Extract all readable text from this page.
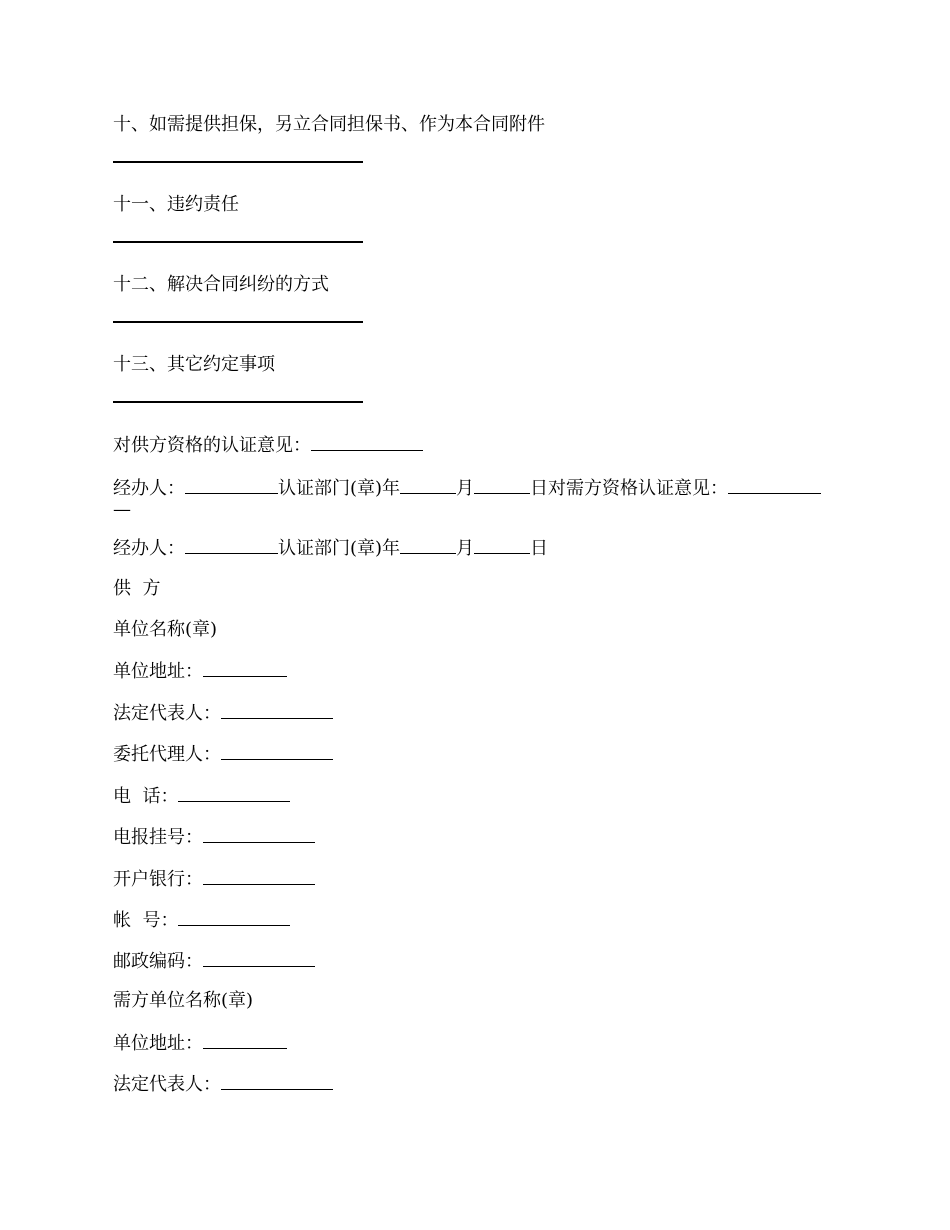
十、如需提供担保，另立合同担保书、作为本合同附件
十一、违约责任
十二、解决合同纠纷的方式
十三、其它约定事项
对供方资格的认证意见：
经办人：	认证部门(章)年	月	日对需方资格认证意见：
—
经办人：	认证部门(章)年	月	日
供  方
单位名称(章)
单位地址：
法定代表人：
委托代理人：
电  话：
电报挂号：
开户银行：
帐  号：
邮政编码：
需方单位名称(章)
单位地址：
法定代表人：
